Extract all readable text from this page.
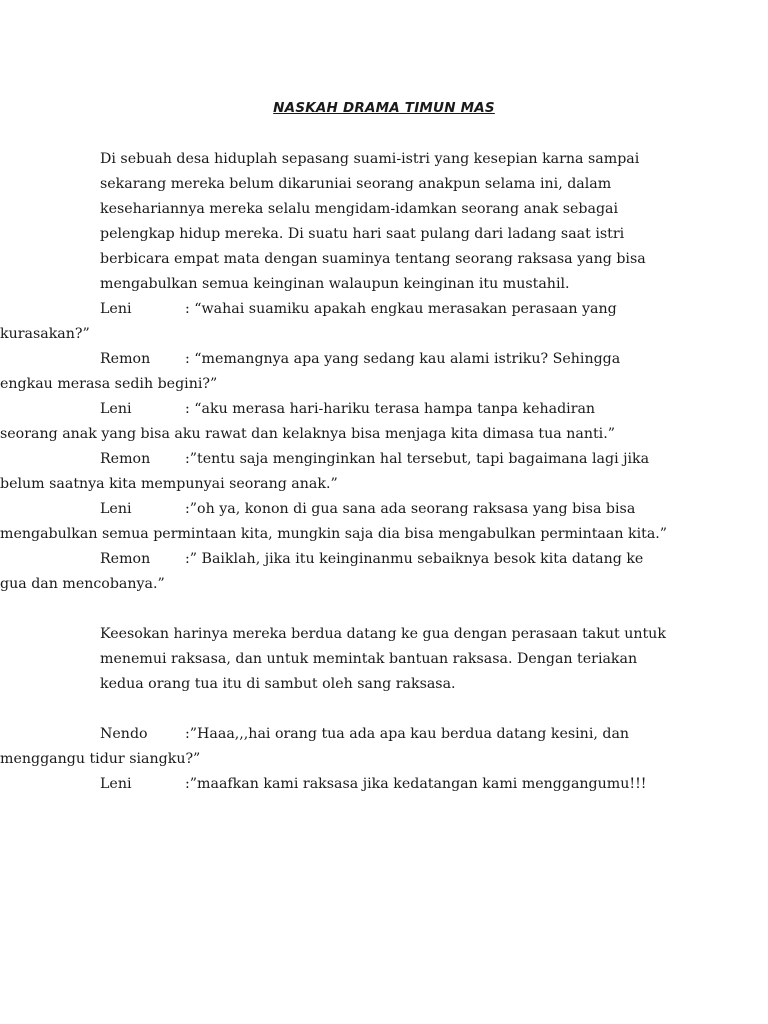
NASKAH DRAMA TIMUN MAS

Di sebuah desa hiduplah sepasang suami-istri yang kesepian karna sampai sekarang mereka belum dikaruniai seorang anakpun selama ini, dalam kesehariannya mereka selalu mengidam-idamkan seorang anak sebagai pelengkap hidup mereka. Di suatu hari saat pulang dari ladang saat istri berbicara empat mata dengan suaminya tentang seorang raksasa yang bisa mengabulkan semua keinginan walaupun keinginan itu mustahil.

Leni	: “wahai suamiku apakah engkau merasakan perasaan yang
kurasakan?”

Remon : “memangnya apa yang sedang kau alami istriku? Sehingga
engkau merasa sedih begini?”

Leni	: “aku merasa hari-hariku terasa hampa tanpa kehadiran
seorang anak yang bisa aku rawat dan kelaknya bisa menjaga kita dimasa tua nanti.”

Remon :”tentu saja menginginkan hal tersebut, tapi bagaimana lagi jika
belum saatnya kita mempunyai seorang anak.”

Leni	:”oh ya, konon di gua sana ada seorang raksasa yang bisa bisa
mengabulkan semua permintaan kita, mungkin saja dia bisa mengabulkan permintaan kita.”

Remon :” Baiklah, jika itu keinginanmu sebaiknya besok kita datang ke
gua dan mencobanya.”

Keesokan harinya mereka berdua datang ke gua dengan perasaan takut untuk menemui raksasa, dan untuk memintak bantuan raksasa. Dengan teriakan kedua orang tua itu di sambut oleh sang raksasa.

Nendo	:”Haaa,,,hai orang tua ada apa kau berdua datang kesini, dan
menggangu tidur siangku?”

Leni	:”maafkan kami raksasa jika kedatangan kami menggangumu!!!
